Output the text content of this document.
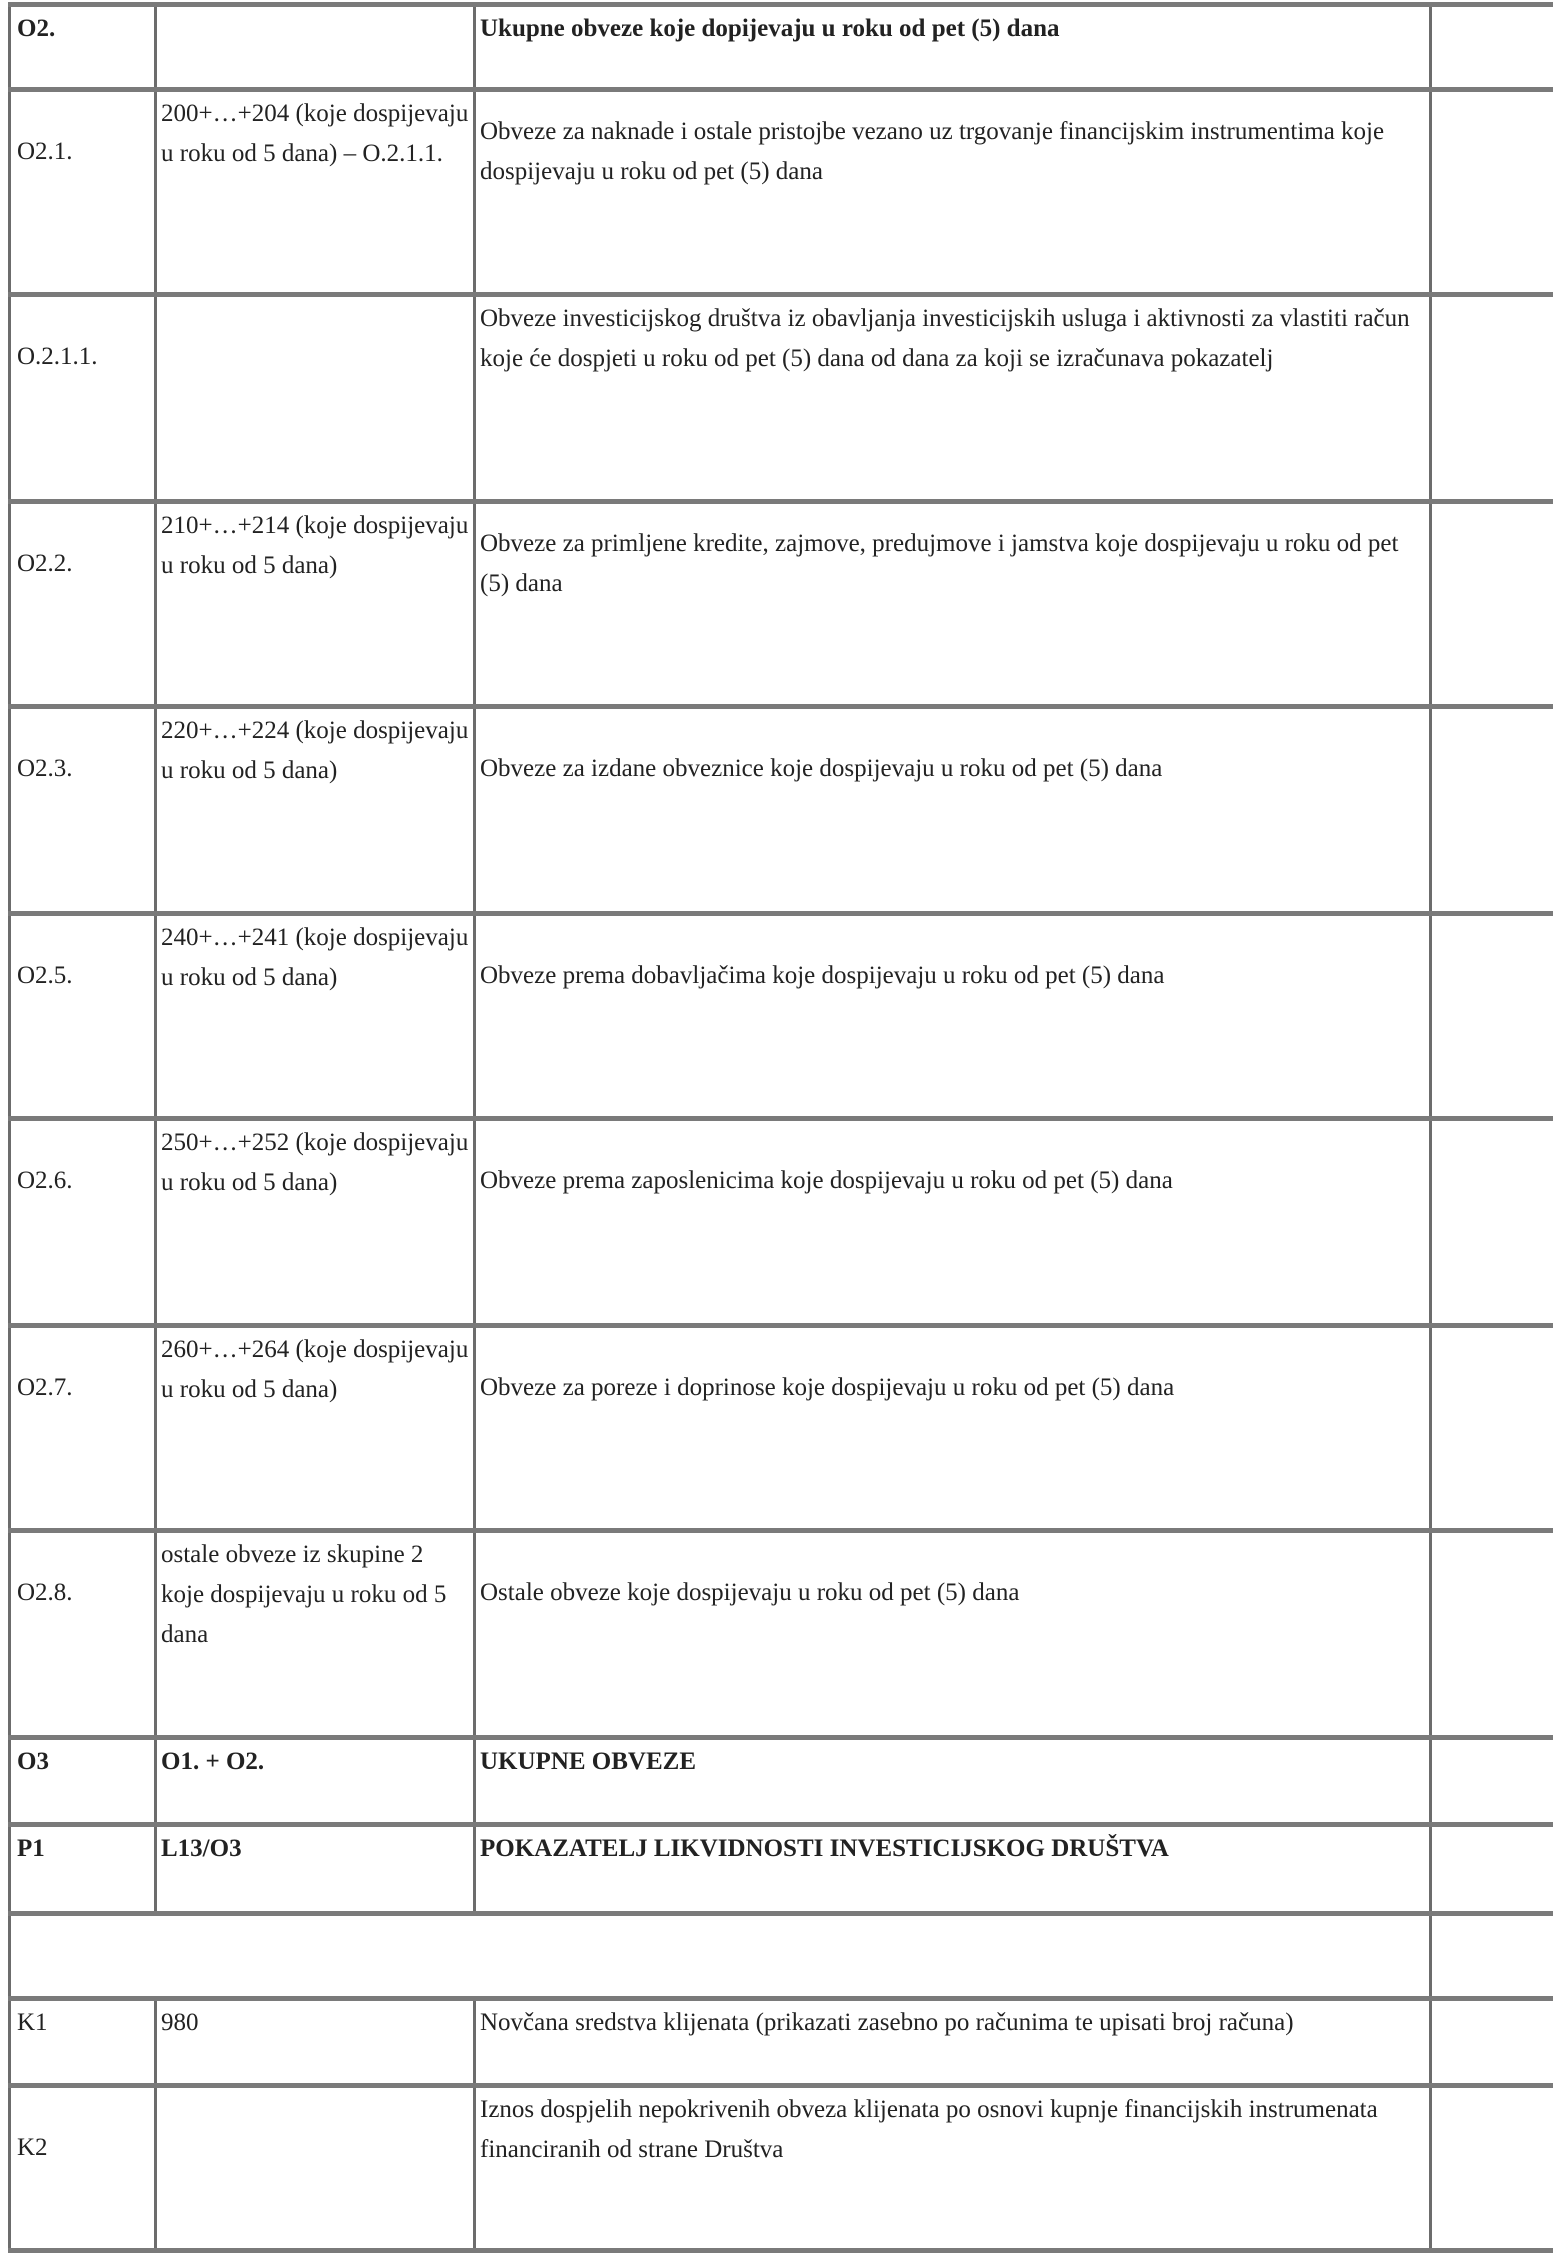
O2.		Ukupne obveze koje dopijevaju u roku od pet (5) dana	
O2.1.	200+…+204 (koje dospijevaju u roku od 5 dana) – O.2.1.1.	Obveze za naknade i ostale pristojbe vezano uz trgovanje financijskim instrumentima koje dospijevaju u roku od pet (5) dana	
O.2.1.1.		Obveze investicijskog društva iz obavljanja investicijskih usluga i aktivnosti za vlastiti račun koje će dospjeti u roku od pet (5) dana od dana za koji se izračunava pokazatelj	
O2.2.	210+…+214 (koje dospijevaju u roku od 5 dana)	Obveze za primljene kredite, zajmove, predujmove i jamstva koje dospijevaju u roku od pet (5) dana	
O2.3.	220+…+224 (koje dospijevaju u roku od 5 dana)	Obveze za izdane obveznice koje dospijevaju u roku od pet (5) dana	
O2.5.	240+…+241 (koje dospijevaju u roku od 5 dana)	Obveze prema dobavljačima koje dospijevaju u roku od pet (5) dana	
O2.6.	250+…+252 (koje dospijevaju u roku od 5 dana)	Obveze prema zaposlenicima koje dospijevaju u roku od pet (5) dana	
O2.7.	260+…+264 (koje dospijevaju u roku od 5 dana)	Obveze za poreze i doprinose koje dospijevaju u roku od pet (5) dana	
O2.8.	ostale obveze iz skupine 2 koje dospijevaju u roku od 5 dana	Ostale obveze koje dospijevaju u roku od pet (5) dana	
O3	O1. + O2.	UKUPNE OBVEZE	
P1	L13/O3	POKAZATELJ LIKVIDNOSTI INVESTICIJSKOG DRUŠTVA	

K1	980	Novčana sredstva klijenata (prikazati zasebno po računima te upisati broj računa)	
K2		Iznos dospjelih nepokrivenih obveza klijenata po osnovi kupnje financijskih instrumenata financiranih od strane Društva	
